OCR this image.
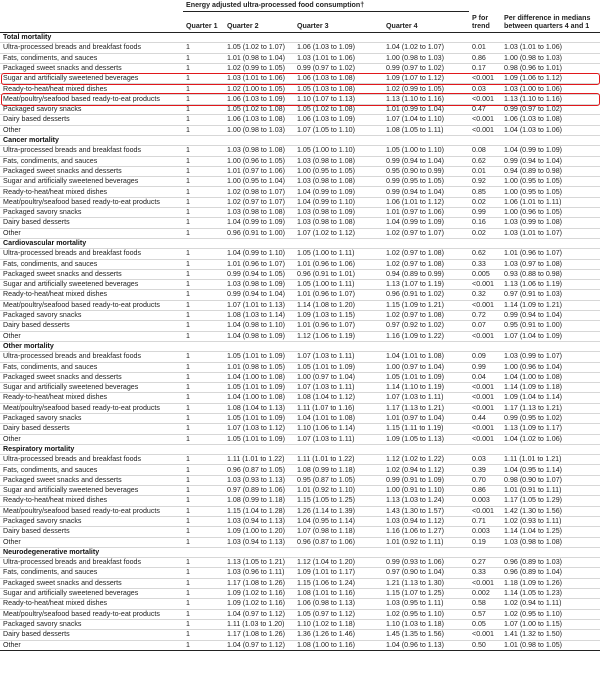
	Energy adjusted ultra-processed food consumption†					
	Quarter 1	Quarter 2	Quarter 3	Quarter 4	P for trend	Per difference in medians between quarters 4 and 1
Total mortality						
Ultra-processed breads and breakfast foods	1	1.05 (1.02 to 1.07)	1.06 (1.03 to 1.09)	1.04 (1.02 to 1.07)	0.01	1.03 (1.01 to 1.06)
Fats, condiments, and sauces	1	1.01 (0.98 to 1.04)	1.03 (1.01 to 1.06)	1.00 (0.98 to 1.03)	0.86	1.00 (0.98 to 1.03)
Packaged sweet snacks and desserts	1	1.02 (0.99 to 1.05)	0.99 (0.97 to 1.02)	0.99 (0.97 to 1.02)	0.17	0.98 (0.96 to 1.01)
Sugar and artificially sweetened beverages	1	1.03 (1.01 to 1.06)	1.06 (1.03 to 1.08)	1.09 (1.07 to 1.12)	<0.001	1.09 (1.06 to 1.12)
Ready-to-heat/heat mixed dishes	1	1.02 (1.00 to 1.05)	1.05 (1.03 to 1.08)	1.02 (0.99 to 1.05)	0.03	1.03 (1.00 to 1.06)
Meat/poultry/seafood based ready-to-eat products	1	1.06 (1.03 to 1.09)	1.10 (1.07 to 1.13)	1.13 (1.10 to 1.16)	<0.001	1.13 (1.10 to 1.16)
Packaged savory snacks	1	1.05 (1.02 to 1.08)	1.05 (1.02 to 1.08)	1.01 (0.99 to 1.04)	0.47	0.99 (0.97 to 1.02)
Dairy based desserts	1	1.06 (1.03 to 1.08)	1.06 (1.03 to 1.09)	1.07 (1.04 to 1.10)	<0.001	1.06 (1.03 to 1.08)
Other	1	1.00 (0.98 to 1.03)	1.07 (1.05 to 1.10)	1.08 (1.05 to 1.11)	<0.001	1.04 (1.03 to 1.06)
Cancer mortality						
Ultra-processed breads and breakfast foods	1	1.03 (0.98 to 1.08)	1.05 (1.00 to 1.10)	1.05 (1.00 to 1.10)	0.08	1.04 (0.99 to 1.09)
Fats, condiments, and sauces	1	1.00 (0.96 to 1.05)	1.03 (0.98 to 1.08)	0.99 (0.94 to 1.04)	0.62	0.99 (0.94 to 1.04)
Packaged sweet snacks and desserts	1	1.01 (0.97 to 1.06)	1.00 (0.95 to 1.05)	0.95 (0.90 to 0.99)	0.01	0.94 (0.89 to 0.98)
Sugar and artificially sweetened beverages	1	1.00 (0.95 to 1.04)	1.03 (0.98 to 1.08)	0.99 (0.95 to 1.05)	0.92	1.00 (0.95 to 1.05)
Ready-to-heat/heat mixed dishes	1	1.02 (0.98 to 1.07)	1.04 (0.99 to 1.09)	0.99 (0.94 to 1.04)	0.85	1.00 (0.95 to 1.05)
Meat/poultry/seafood based ready-to-eat products	1	1.02 (0.97 to 1.07)	1.04 (0.99 to 1.10)	1.06 (1.01 to 1.12)	0.02	1.06 (1.01 to 1.11)
Packaged savory snacks	1	1.03 (0.98 to 1.08)	1.03 (0.98 to 1.09)	1.01 (0.97 to 1.06)	0.99	1.00 (0.96 to 1.05)
Dairy based desserts	1	1.04 (0.99 to 1.09)	1.03 (0.98 to 1.08)	1.04 (0.99 to 1.09)	0.16	1.03 (0.99 to 1.08)
Other	1	0.96 (0.91 to 1.00)	1.07 (1.02 to 1.12)	1.02 (0.97 to 1.07)	0.02	1.03 (1.01 to 1.07)
Cardiovascular mortality						
Ultra-processed breads and breakfast foods	1	1.04 (0.99 to 1.10)	1.05 (1.00 to 1.11)	1.02 (0.97 to 1.08)	0.62	1.01 (0.96 to 1.07)
Fats, condiments, and sauces	1	1.01 (0.96 to 1.07)	1.01 (0.96 to 1.06)	1.02 (0.97 to 1.08)	0.33	1.03 (0.97 to 1.08)
Packaged sweet snacks and desserts	1	0.99 (0.94 to 1.05)	0.96 (0.91 to 1.01)	0.94 (0.89 to 0.99)	0.005	0.93 (0.88 to 0.98)
Sugar and artificially sweetened beverages	1	1.03 (0.98 to 1.09)	1.05 (1.00 to 1.11)	1.13 (1.07 to 1.19)	<0.001	1.13 (1.06 to 1.19)
Ready-to-heat/heat mixed dishes	1	0.99 (0.94 to 1.04)	1.01 (0.96 to 1.07)	0.96 (0.91 to 1.02)	0.32	0.97 (0.91 to 1.03)
Meat/poultry/seafood based ready-to-eat products	1	1.07 (1.01 to 1.13)	1.14 (1.08 to 1.20)	1.15 (1.09 to 1.21)	<0.001	1.14 (1.09 to 1.21)
Packaged savory snacks	1	1.08 (1.03 to 1.14)	1.09 (1.03 to 1.15)	1.02 (0.97 to 1.08)	0.72	0.99 (0.94 to 1.04)
Dairy based desserts	1	1.04 (0.98 to 1.10)	1.01 (0.96 to 1.07)	0.97 (0.92 to 1.02)	0.07	0.95 (0.91 to 1.00)
Other	1	1.04 (0.98 to 1.09)	1.12 (1.06 to 1.19)	1.16 (1.09 to 1.22)	<0.001	1.07 (1.04 to 1.09)
Other mortality						
Ultra-processed breads and breakfast foods	1	1.05 (1.01 to 1.09)	1.07 (1.03 to 1.11)	1.04 (1.01 to 1.08)	0.09	1.03 (0.99 to 1.07)
Fats, condiments, and sauces	1	1.01 (0.98 to 1.05)	1.05 (1.01 to 1.09)	1.00 (0.97 to 1.04)	0.99	1.00 (0.96 to 1.04)
Packaged sweet snacks and desserts	1	1.04 (1.00 to 1.08)	1.00 (0.97 to 1.04)	1.05 (1.01 to 1.09)	0.04	1.04 (1.00 to 1.08)
Sugar and artificially sweetened beverages	1	1.05 (1.01 to 1.09)	1.07 (1.03 to 1.11)	1.14 (1.10 to 1.19)	<0.001	1.14 (1.09 to 1.18)
Ready-to-heat/heat mixed dishes	1	1.04 (1.00 to 1.08)	1.08 (1.04 to 1.12)	1.07 (1.03 to 1.11)	<0.001	1.09 (1.04 to 1.14)
Meat/poultry/seafood based ready-to-eat products	1	1.08 (1.04 to 1.13)	1.11 (1.07 to 1.16)	1.17 (1.13 to 1.21)	<0.001	1.17 (1.13 to 1.21)
Packaged savory snacks	1	1.05 (1.01 to 1.09)	1.04 (1.01 to 1.08)	1.01 (0.97 to 1.04)	0.44	0.99 (0.95 to 1.02)
Dairy based desserts	1	1.07 (1.03 to 1.12)	1.10 (1.06 to 1.14)	1.15 (1.11 to 1.19)	<0.001	1.13 (1.09 to 1.17)
Other	1	1.05 (1.01 to 1.09)	1.07 (1.03 to 1.11)	1.09 (1.05 to 1.13)	<0.001	1.04 (1.02 to 1.06)
Respiratory mortality						
Ultra-processed breads and breakfast foods	1	1.11 (1.01 to 1.22)	1.11 (1.01 to 1.22)	1.12 (1.02 to 1.22)	0.03	1.11 (1.01 to 1.21)
Fats, condiments, and sauces	1	0.96 (0.87 to 1.05)	1.08 (0.99 to 1.18)	1.02 (0.94 to 1.12)	0.39	1.04 (0.95 to 1.14)
Packaged sweet snacks and desserts	1	1.03 (0.93 to 1.13)	0.95 (0.87 to 1.05)	0.99 (0.91 to 1.09)	0.70	0.98 (0.90 to 1.07)
Sugar and artificially sweetened beverages	1	0.97 (0.89 to 1.06)	1.01 (0.92 to 1.10)	1.00 (0.91 to 1.10)	0.86	1.01 (0.91 to 1.11)
Ready-to-heat/heat mixed dishes	1	1.08 (0.99 to 1.18)	1.15 (1.05 to 1.25)	1.13 (1.03 to 1.24)	0.003	1.17 (1.05 to 1.29)
Meat/poultry/seafood based ready-to-eat products	1	1.15 (1.04 to 1.28)	1.26 (1.14 to 1.39)	1.43 (1.30 to 1.57)	<0.001	1.42 (1.30 to 1.56)
Packaged savory snacks	1	1.03 (0.94 to 1.13)	1.04 (0.95 to 1.14)	1.03 (0.94 to 1.12)	0.71	1.02 (0.93 to 1.11)
Dairy based desserts	1	1.09 (1.00 to 1.20)	1.07 (0.98 to 1.18)	1.16 (1.06 to 1.27)	0.003	1.14 (1.04 to 1.25)
Other	1	1.03 (0.94 to 1.13)	0.96 (0.87 to 1.06)	1.01 (0.92 to 1.11)	0.19	1.03 (0.98 to 1.08)
Neurodegenerative mortality						
Ultra-processed breads and breakfast foods	1	1.13 (1.05 to 1.21)	1.12 (1.04 to 1.20)	0.99 (0.93 to 1.06)	0.27	0.96 (0.89 to 1.03)
Fats, condiments, and sauces	1	1.03 (0.96 to 1.11)	1.09 (1.01 to 1.17)	0.97 (0.90 to 1.04)	0.33	0.96 (0.89 to 1.04)
Packaged sweet snacks and desserts	1	1.17 (1.08 to 1.26)	1.15 (1.06 to 1.24)	1.21 (1.13 to 1.30)	<0.001	1.18 (1.09 to 1.26)
Sugar and artificially sweetened beverages	1	1.09 (1.02 to 1.16)	1.08 (1.01 to 1.16)	1.15 (1.07 to 1.25)	0.002	1.14 (1.05 to 1.23)
Ready-to-heat/heat mixed dishes	1	1.09 (1.02 to 1.16)	1.06 (0.98 to 1.13)	1.03 (0.95 to 1.11)	0.58	1.02 (0.94 to 1.11)
Meat/poultry/seafood based ready-to-eat products	1	1.04 (0.97 to 1.12)	1.05 (0.97 to 1.12)	1.02 (0.95 to 1.10)	0.57	1.02 (0.95 to 1.10)
Packaged savory snacks	1	1.11 (1.03 to 1.20)	1.10 (1.02 to 1.18)	1.10 (1.03 to 1.18)	0.05	1.07 (1.00 to 1.15)
Dairy based desserts	1	1.17 (1.08 to 1.26)	1.36 (1.26 to 1.46)	1.45 (1.35 to 1.56)	<0.001	1.41 (1.32 to 1.50)
Other	1	1.04 (0.97 to 1.12)	1.08 (1.00 to 1.16)	1.04 (0.96 to 1.13)	0.50	1.01 (0.98 to 1.05)
